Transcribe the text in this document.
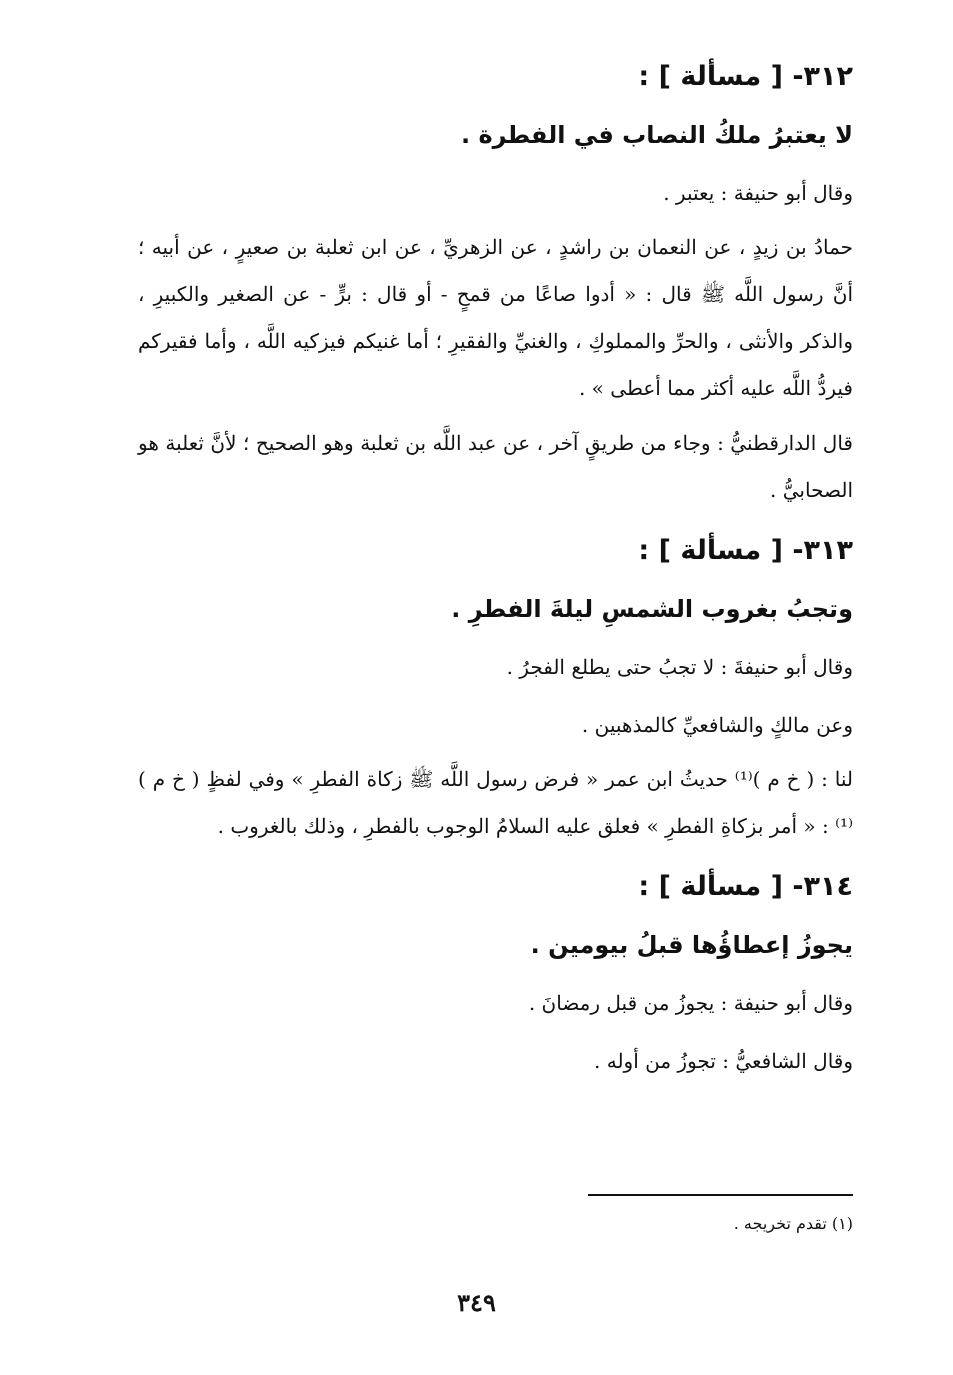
٣١٢- [ مسألة ] :
لا يعتبرُ ملكُ النصاب في الفطرة .

وقال أبو حنيفة : يعتبر .

حمادُ بن زيدٍ ، عن النعمان بن راشدٍ ، عن الزهريِّ ، عن ابن ثعلبة بن صعيرٍ ، عن أبيه ؛ أنَّ رسول اللَّه ﷺ قال : « أدوا صاعًا من قمحٍ - أو قال : برٍّ - عن الصغير والكبيرِ ، والذكر والأنثى ، والحرِّ والمملوكِ ، والغنيِّ والفقيرِ ؛ أما غنيكم فيزكيه اللَّه ، وأما فقيركم فيردُّ اللَّه عليه أكثر مما أعطى » .

قال الدارقطنيُّ : وجاء من طريقٍ آخر ، عن عبد اللَّه بن ثعلبة وهو الصحيح ؛ لأنَّ ثعلبة هو الصحابيُّ .

٣١٣- [ مسألة ] :
وتجبُ بغروب الشمسِ ليلةَ الفطرِ .

وقال أبو حنيفةَ : لا تجبُ حتى يطلع الفجرُ .

وعن مالكٍ والشافعيِّ كالمذهبين .

لنا : ( خ م )⁽¹⁾ حديثُ ابن عمر « فرض رسول اللَّه ﷺ زكاة الفطرِ » وفي لفظٍ ( خ م )⁽¹⁾ : « أمر بزكاةِ الفطرِ » فعلق عليه السلامُ الوجوب بالفطرِ ، وذلك بالغروب .

٣١٤- [ مسألة ] :
يجوزُ إعطاؤُها قبلُ بيومين .

وقال أبو حنيفة : يجوزُ من قبل رمضانَ .

وقال الشافعيُّ : تجوزُ من أوله .

(١) تقدم تخريجه .
٣٤٩
